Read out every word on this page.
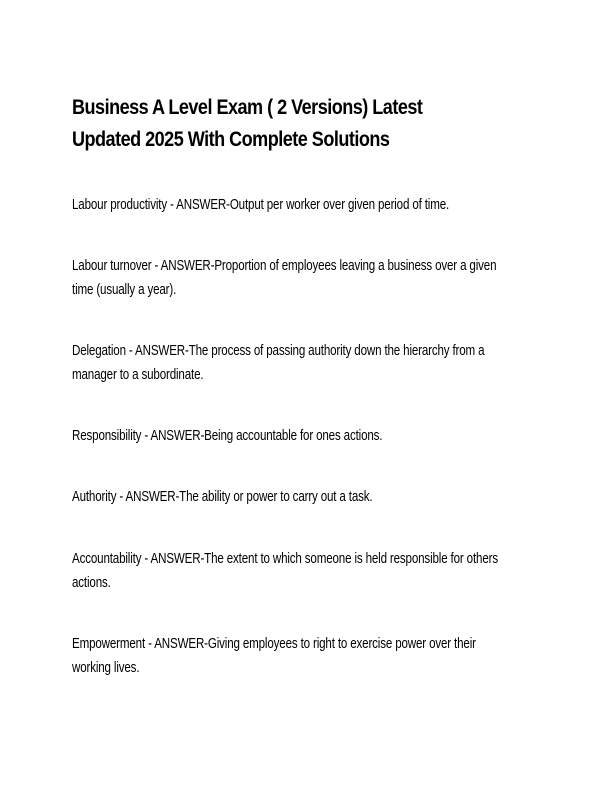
Business A Level Exam ( 2 Versions) Latest Updated 2025 With Complete Solutions

Labour productivity - ANSWER-Output per worker over given period of time.

Labour turnover - ANSWER-Proportion of employees leaving a business over a given time (usually a year).

Delegation - ANSWER-The process of passing authority down the hierarchy from a manager to a subordinate.

Responsibility - ANSWER-Being accountable for ones actions.

Authority - ANSWER-The ability or power to carry out a task.

Accountability - ANSWER-The extent to which someone is held responsible for others actions.

Empowerment - ANSWER-Giving employees to right to exercise power over their working lives.
